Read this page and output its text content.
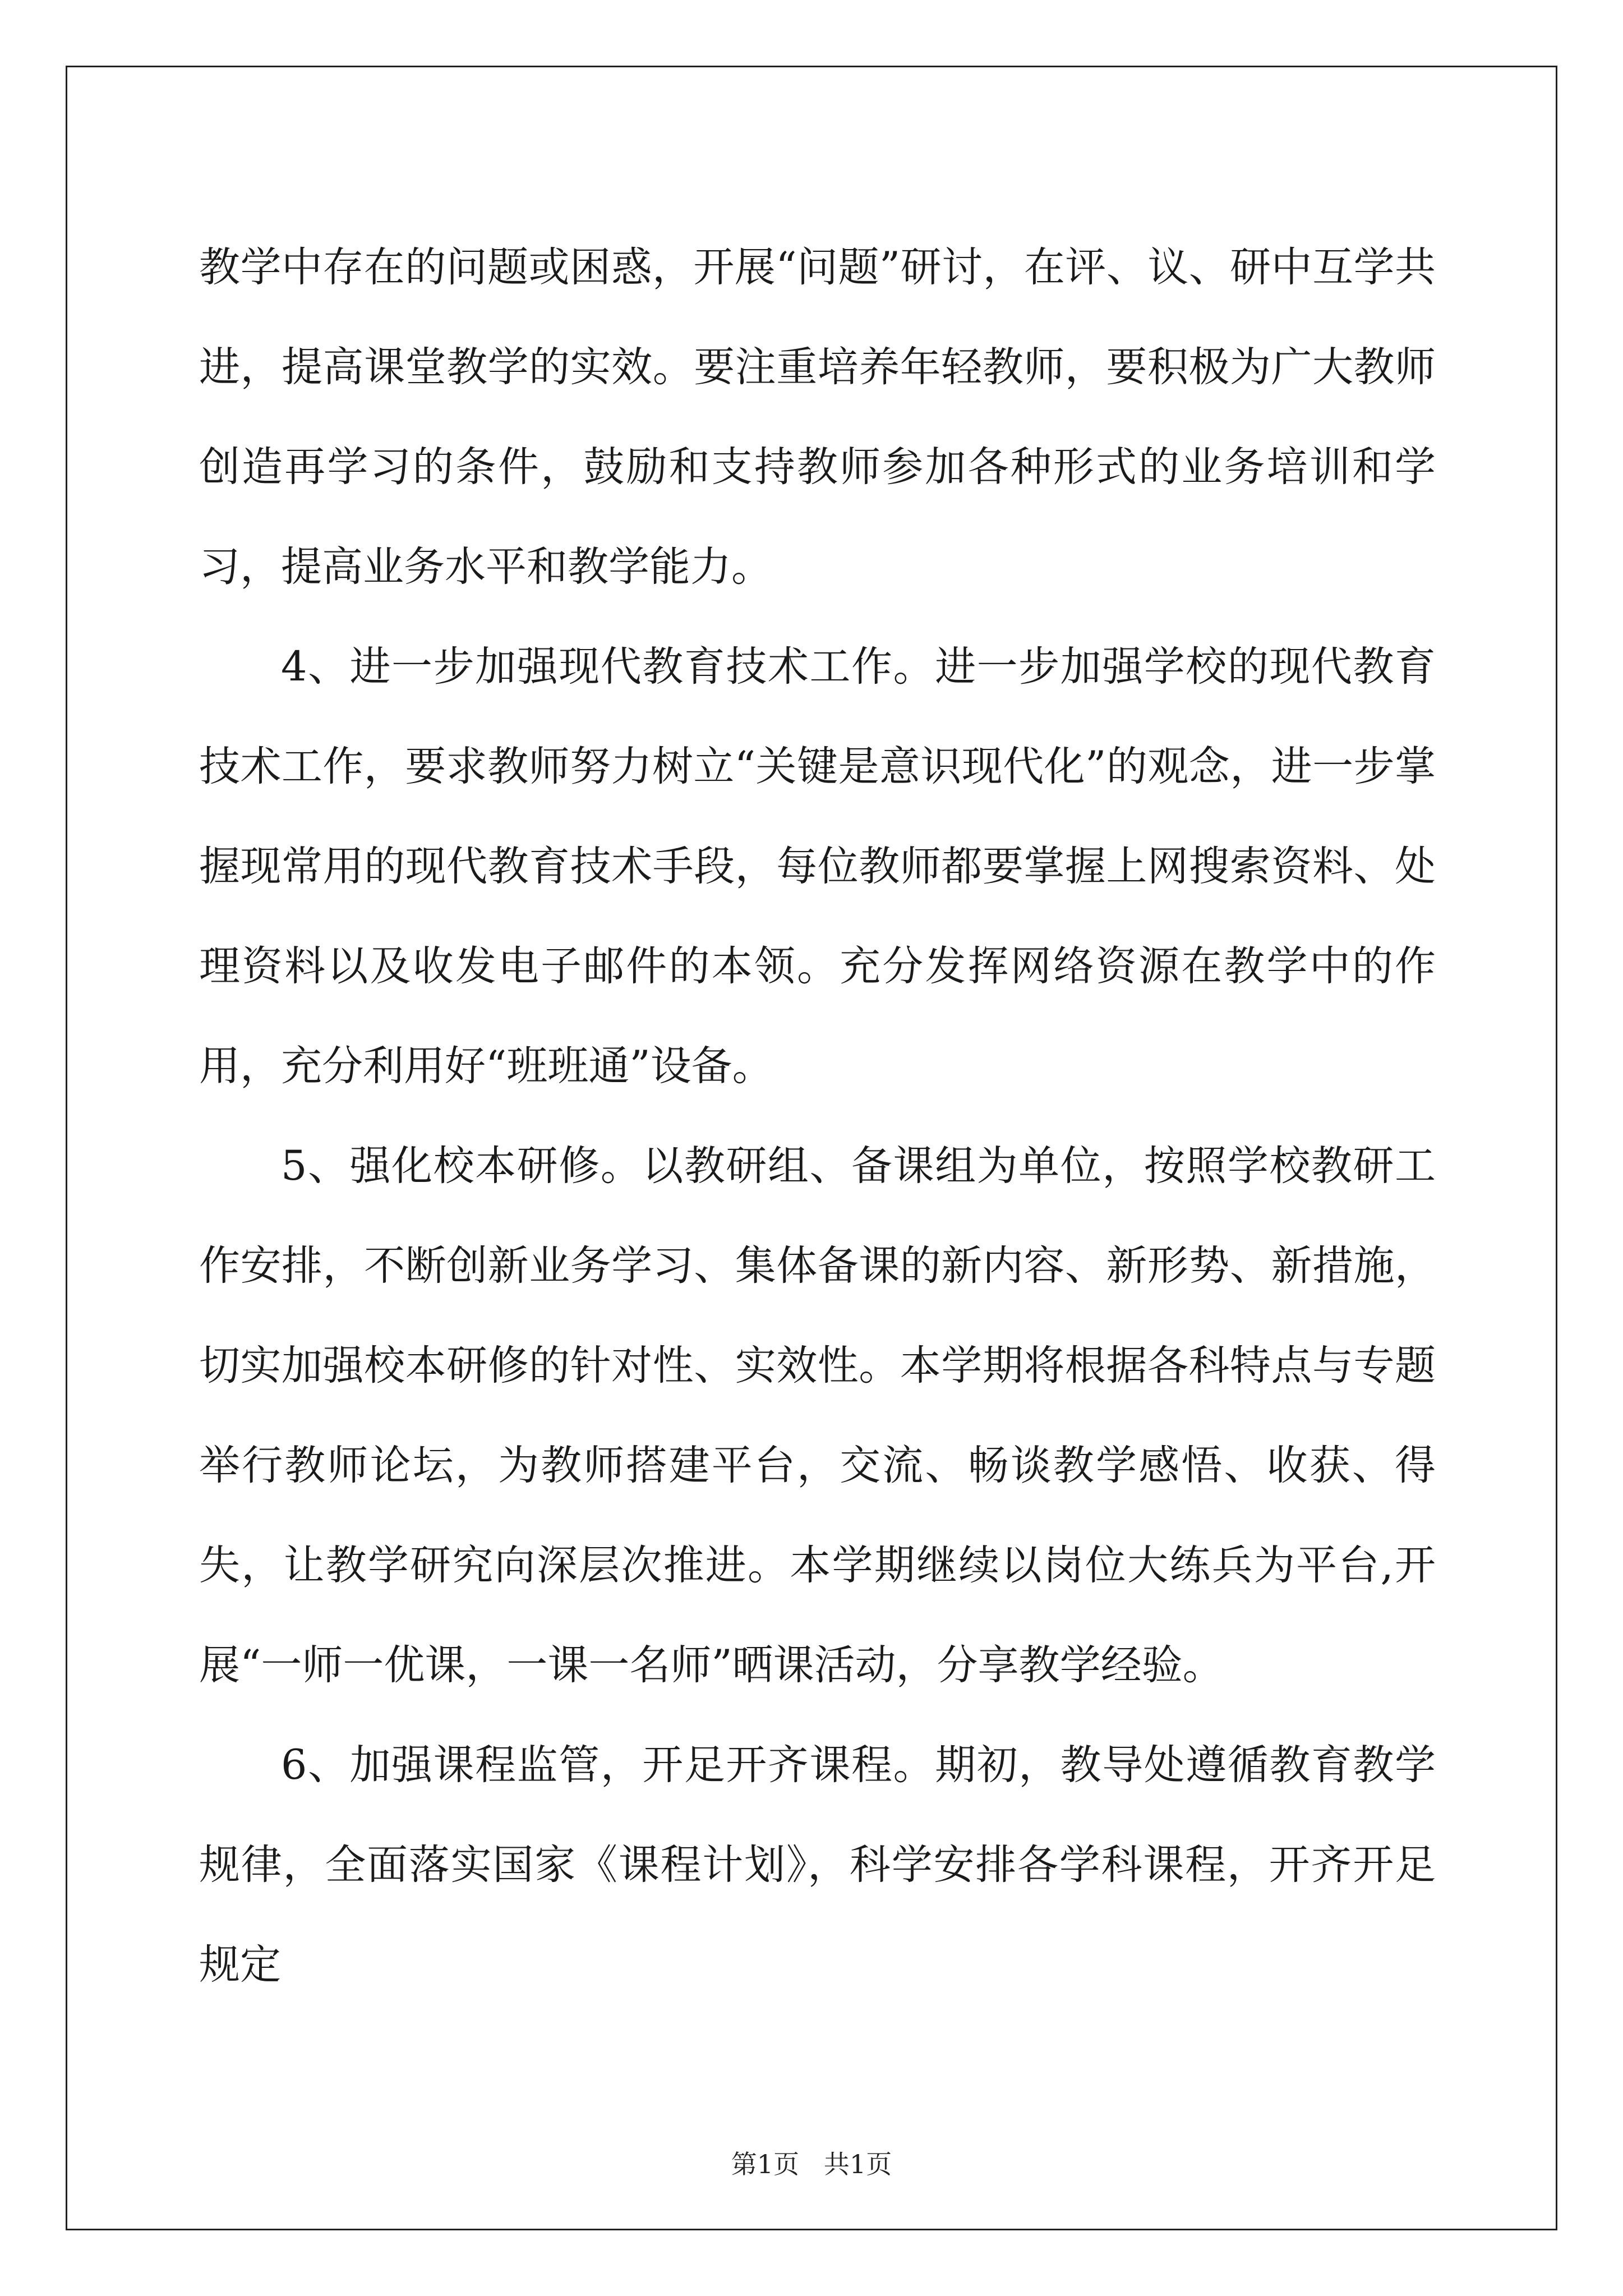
教学中存在的问题或困惑，开展“问题”研讨，在评、议、研中互学共进，提高课堂教学的实效。要注重培养年轻教师，要积极为广大教师创造再学习的条件，鼓励和支持教师参加各种形式的业务培训和学习，提高业务水平和教学能力。

4、进一步加强现代教育技术工作。进一步加强学校的现代教育技术工作，要求教师努力树立“关键是意识现代化”的观念，进一步掌握现常用的现代教育技术手段，每位教师都要掌握上网搜索资料、处理资料以及收发电子邮件的本领。充分发挥网络资源在教学中的作用，充分利用好“班班通”设备。

5、强化校本研修。以教研组、备课组为单位，按照学校教研工作安排，不断创新业务学习、集体备课的新内容、新形势、新措施，切实加强校本研修的针对性、实效性。本学期将根据各科特点与专题举行教师论坛，为教师搭建平台，交流、畅谈教学感悟、收获、得失，让教学研究向深层次推进。本学期继续以岗位大练兵为平台,开展“一师一优课，一课一名师”晒课活动，分享教学经验。

6、加强课程监管，开足开齐课程。期初，教导处遵循教育教学规律，全面落实国家《课程计划》，科学安排各学科课程，开齐开足规定

第1页   共1页
